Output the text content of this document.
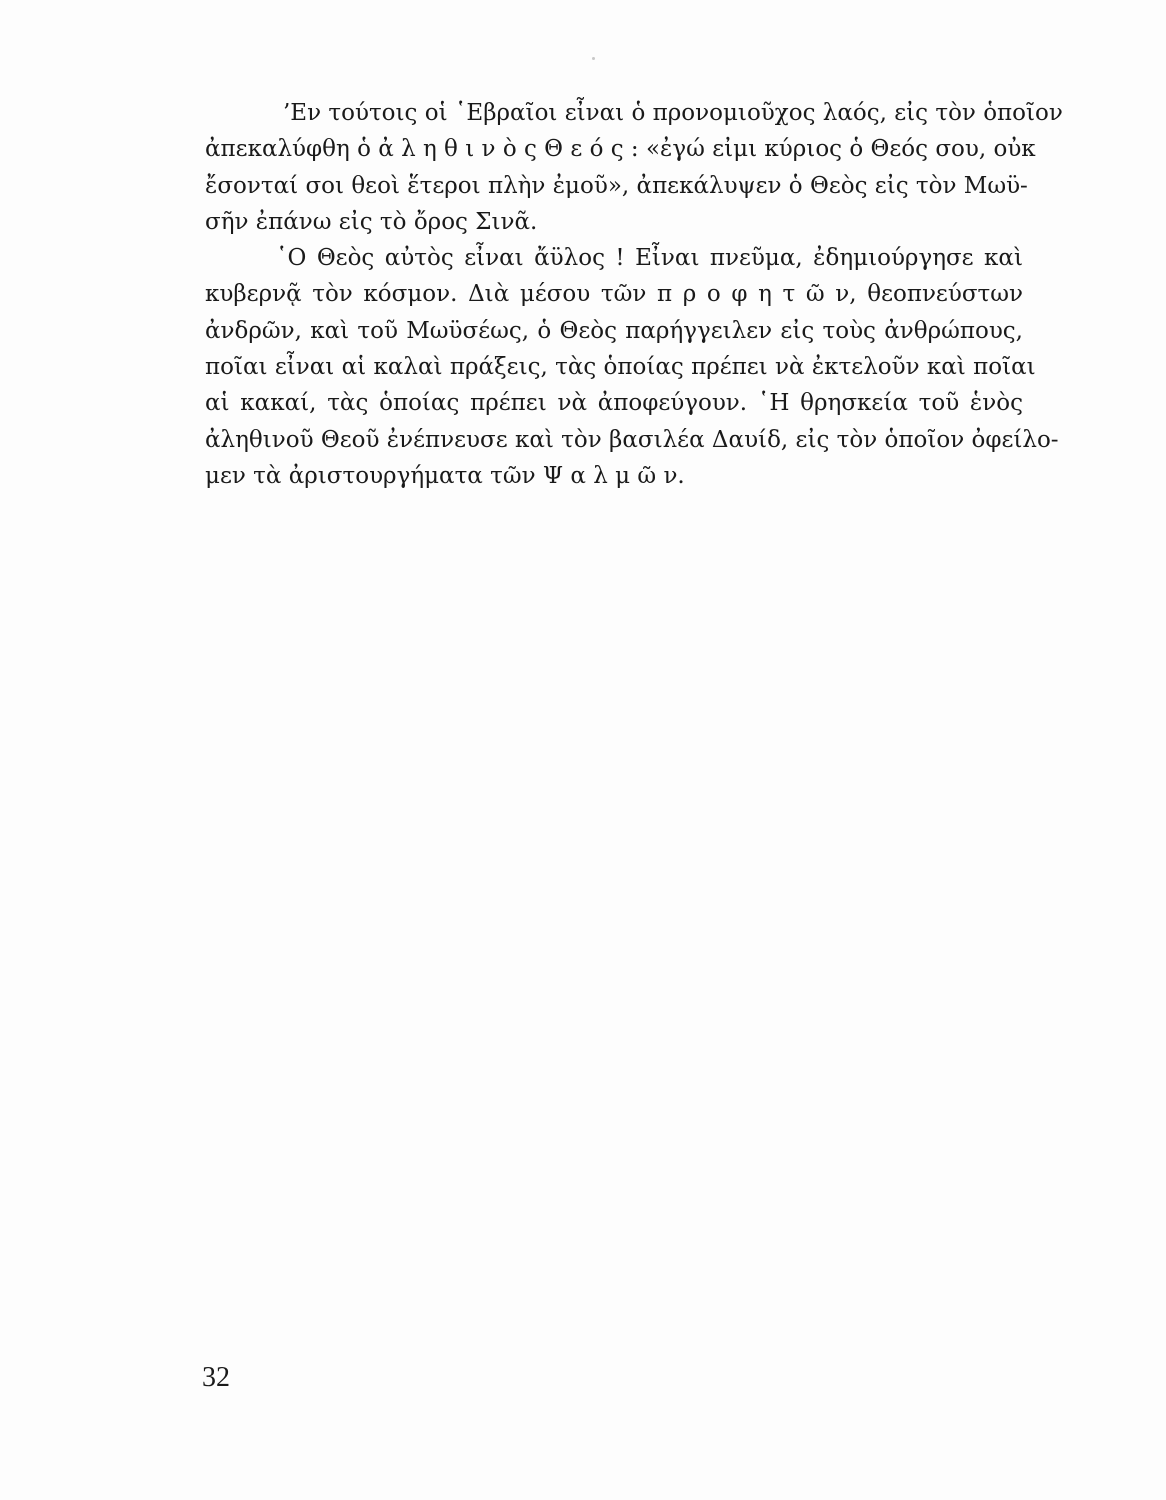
’Εν τούτοις οἱ ῾Εβραῖοι εἶναι ὁ προνομιοῦχος λαός, εἰς τὸν ὁποῖον
ἀπεκαλύφθη ὁ ἀ λ η θ ι ν ὸ ς Θ ε ό ς : «ἐγώ εἰμι κύριος ὁ Θεός σου, οὐκ
ἔσονταί σοι θεοὶ ἕτεροι πλὴν ἐμοῦ», ἀπεκάλυψεν ὁ Θεὸς εἰς τὸν Μωϋ-
σῆν ἐπάνω εἰς τὸ ὄρος Σινᾶ.
῾Ο Θεὸς αὐτὸς εἶναι ἄϋλος ! Εἶναι πνεῦμα, ἐδημιούργησε καὶ
κυβερνᾷ τὸν κόσμον. Διὰ μέσου τῶν π ρ ο φ η τ ῶ ν, θεοπνεύστων
ἀνδρῶν, καὶ τοῦ Μωϋσέως, ὁ Θεὸς παρήγγειλεν εἰς τοὺς ἀνθρώπους,
ποῖαι εἶναι αἱ καλαὶ πράξεις, τὰς ὁποίας πρέπει νὰ ἐκτελοῦν καὶ ποῖαι
αἱ κακαί, τὰς ὁποίας πρέπει νὰ ἀποφεύγουν. ῾Η θρησκεία τοῦ ἑνὸς
ἀληθινοῦ Θεοῦ ἐνέπνευσε καὶ τὸν βασιλέα Δαυίδ, εἰς τὸν ὁποῖον ὀφείλο-
μεν τὰ ἀριστουργήματα τῶν Ψ α λ μ ῶ ν.
32
